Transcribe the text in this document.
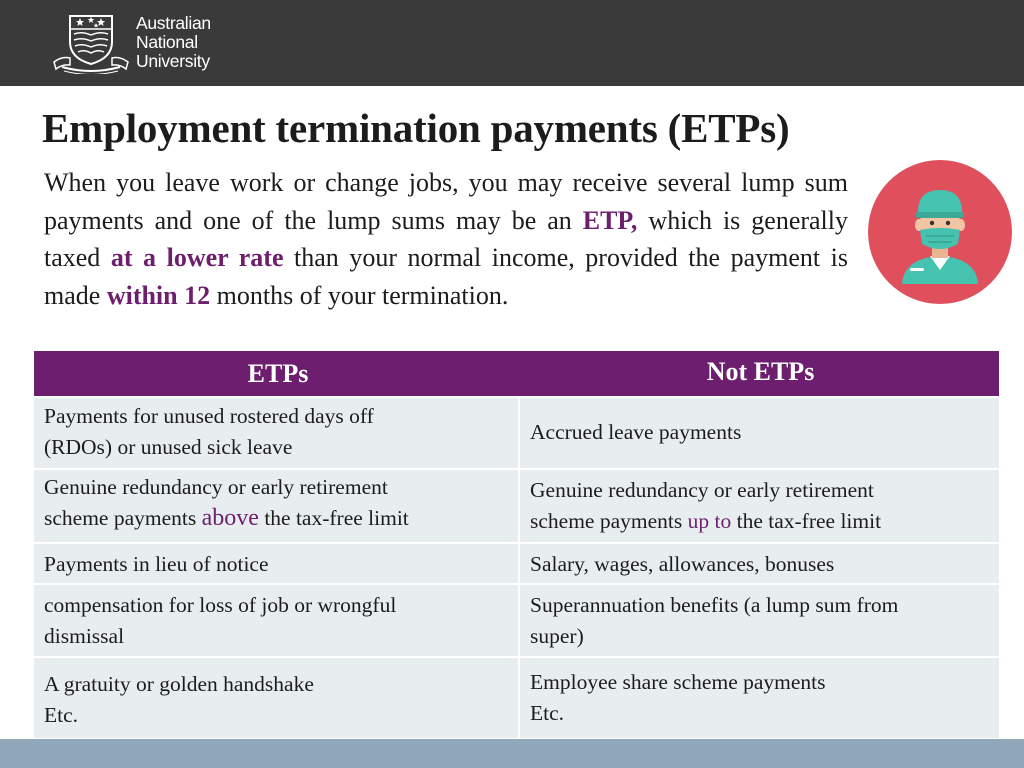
Australian
National
University
Employment termination payments (ETPs)

When you leave work or change jobs, you may receive several lump sum payments and one of the lump sums may be an ETP, which is generally taxed at a lower rate than your normal income, provided the payment is made within 12 months of your termination.

ETPs	Not ETPs
Payments for unused rostered days off
(RDOs) or unused sick leave
Accrued leave payments
Genuine redundancy or early retirement
scheme payments above the tax-free limit
Genuine redundancy or early retirement
scheme payments up to the tax-free limit
Payments in lieu of notice	Salary, wages, allowances, bonuses
compensation for loss of job or wrongful
dismissal
Superannuation benefits (a lump sum from
super)
A gratuity or golden handshake
Etc.
Employee share scheme payments
Etc.
